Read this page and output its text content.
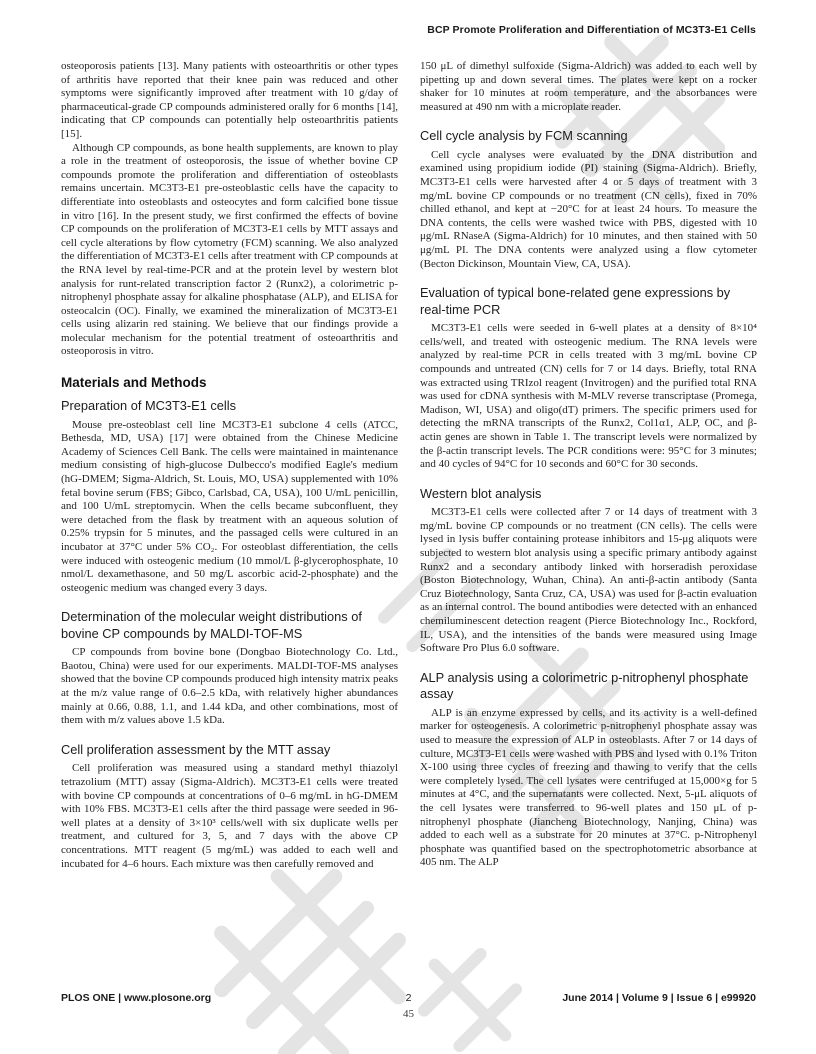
BCP Promote Proliferation and Differentiation of MC3T3-E1 Cells

osteoporosis patients [13]. Many patients with osteoarthritis or other types of arthritis have reported that their knee pain was reduced and other symptoms were significantly improved after treatment with 10 g/day of pharmaceutical-grade CP compounds administered orally for 6 months [14], indicating that CP compounds can potentially help osteoarthritis patients [15].

Although CP compounds, as bone health supplements, are known to play a role in the treatment of osteoporosis, the issue of whether bovine CP compounds promote the proliferation and differentiation of osteoblasts remains uncertain. MC3T3-E1 pre-osteoblastic cells have the capacity to differentiate into osteoblasts and osteocytes and form calcified bone tissue in vitro [16]. In the present study, we first confirmed the effects of bovine CP compounds on the proliferation of MC3T3-E1 cells by MTT assays and cell cycle alterations by flow cytometry (FCM) scanning. We also analyzed the differentiation of MC3T3-E1 cells after treatment with CP compounds at the RNA level by real-time-PCR and at the protein level by western blot analysis for runt-related transcription factor 2 (Runx2), a colorimetric p-nitrophenyl phosphate assay for alkaline phosphatase (ALP), and ELISA for osteocalcin (OC). Finally, we examined the mineralization of MC3T3-E1 cells using alizarin red staining. We believe that our findings provide a molecular mechanism for the potential treatment of osteoarthritis and osteoporosis in vitro.

Materials and Methods
Preparation of MC3T3-E1 cells

Mouse pre-osteoblast cell line MC3T3-E1 subclone 4 cells (ATCC, Bethesda, MD, USA) [17] were obtained from the Chinese Medicine Academy of Sciences Cell Bank. The cells were maintained in maintenance medium consisting of high-glucose Dulbecco's modified Eagle's medium (hG-DMEM; Sigma-Aldrich, St. Louis, MO, USA) supplemented with 10% fetal bovine serum (FBS; Gibco, Carlsbad, CA, USA), 100 U/mL penicillin, and 100 U/mL streptomycin. When the cells became subconfluent, they were detached from the flask by treatment with an aqueous solution of 0.25% trypsin for 5 minutes, and the passaged cells were cultured in an incubator at 37°C under 5% CO₂. For osteoblast differentiation, the cells were induced with osteogenic medium (10 mmol/L β-glycerophosphate, 10 nmol/L dexamethasone, and 50 mg/L ascorbic acid-2-phosphate) and the osteogenic medium was changed every 3 days.

Determination of the molecular weight distributions of bovine CP compounds by MALDI-TOF-MS

CP compounds from bovine bone (Dongbao Biotechnology Co. Ltd., Baotou, China) were used for our experiments. MALDI-TOF-MS analyses showed that the bovine CP compounds produced high intensity matrix peaks at the m/z value range of 0.6–2.5 kDa, with relatively higher abundances mainly at 0.66, 0.88, 1.1, and 1.44 kDa, and other combinations, most of them with m/z values above 1.5 kDa.

Cell proliferation assessment by the MTT assay

Cell proliferation was measured using a standard methyl thiazolyl tetrazolium (MTT) assay (Sigma-Aldrich). MC3T3-E1 cells were treated with bovine CP compounds at concentrations of 0–6 mg/mL in hG-DMEM with 10% FBS. MC3T3-E1 cells after the third passage were seeded in 96-well plates at a density of 3×10³ cells/well with six duplicate wells per treatment, and cultured for 3, 5, and 7 days with the above CP concentrations. MTT reagent (5 mg/mL) was added to each well and incubated for 4–6 hours. Each mixture was then carefully removed and

150 μL of dimethyl sulfoxide (Sigma-Aldrich) was added to each well by pipetting up and down several times. The plates were kept on a rocker shaker for 10 minutes at room temperature, and the absorbances were measured at 490 nm with a microplate reader.

Cell cycle analysis by FCM scanning

Cell cycle analyses were evaluated by the DNA distribution and examined using propidium iodide (PI) staining (Sigma-Aldrich). Briefly, MC3T3-E1 cells were harvested after 4 or 5 days of treatment with 3 mg/mL bovine CP compounds or no treatment (CN cells), fixed in 70% chilled ethanol, and kept at −20°C for at least 24 hours. To measure the DNA contents, the cells were washed twice with PBS, digested with 10 μg/mL RNaseA (Sigma-Aldrich) for 10 minutes, and then stained with 50 μg/mL PI. The DNA contents were analyzed using a flow cytometer (Becton Dickinson, Mountain View, CA, USA).

Evaluation of typical bone-related gene expressions by real-time PCR

MC3T3-E1 cells were seeded in 6-well plates at a density of 8×10⁴ cells/well, and treated with osteogenic medium. The RNA levels were analyzed by real-time PCR in cells treated with 3 mg/mL bovine CP compounds and untreated (CN) cells for 7 or 14 days. Briefly, total RNA was extracted using TRIzol reagent (Invitrogen) and the purified total RNA was used for cDNA synthesis with M-MLV reverse transcriptase (Promega, Madison, WI, USA) and oligo(dT) primers. The specific primers used for detecting the mRNA transcripts of the Runx2, Col1α1, ALP, OC, and β-actin genes are shown in Table 1. The transcript levels were normalized by the β-actin transcript levels. The PCR conditions were: 95°C for 3 minutes; and 40 cycles of 94°C for 10 seconds and 60°C for 30 seconds.

Western blot analysis

MC3T3-E1 cells were collected after 7 or 14 days of treatment with 3 mg/mL bovine CP compounds or no treatment (CN cells). The cells were lysed in lysis buffer containing protease inhibitors and 15-μg aliquots were subjected to western blot analysis using a specific primary antibody against Runx2 and a secondary antibody linked with horseradish peroxidase (Boston Biotechnology, Wuhan, China). An anti-β-actin antibody (Santa Cruz Biotechnology, Santa Cruz, CA, USA) was used for β-actin evaluation as an internal control. The bound antibodies were detected with an enhanced chemiluminescent detection reagent (Pierce Biotechnology Inc., Rockford, IL, USA), and the intensities of the bands were measured using Image Software Pro Plus 6.0 software.

ALP analysis using a colorimetric p-nitrophenyl phosphate assay

ALP is an enzyme expressed by cells, and its activity is a well-defined marker for osteogenesis. A colorimetric p-nitrophenyl phosphate assay was used to measure the expression of ALP in osteoblasts. After 7 or 14 days of culture, MC3T3-E1 cells were washed with PBS and lysed with 0.1% Triton X-100 using three cycles of freezing and thawing to verify that the cells were completely lysed. The cell lysates were centrifuged at 15,000×g for 5 minutes at 4°C, and the supernatants were collected. Next, 5-μL aliquots of the cell lysates were transferred to 96-well plates and 150 μL of p-nitrophenyl phosphate (Jiancheng Biotechnology, Nanjing, China) was added to each well as a substrate for 20 minutes at 37°C. p-Nitrophenyl phosphate was quantified based on the spectrophotometric absorbance at 405 nm. The ALP

PLOS ONE | www.plosone.org	2	June 2014 | Volume 9 | Issue 6 | e99920
45
